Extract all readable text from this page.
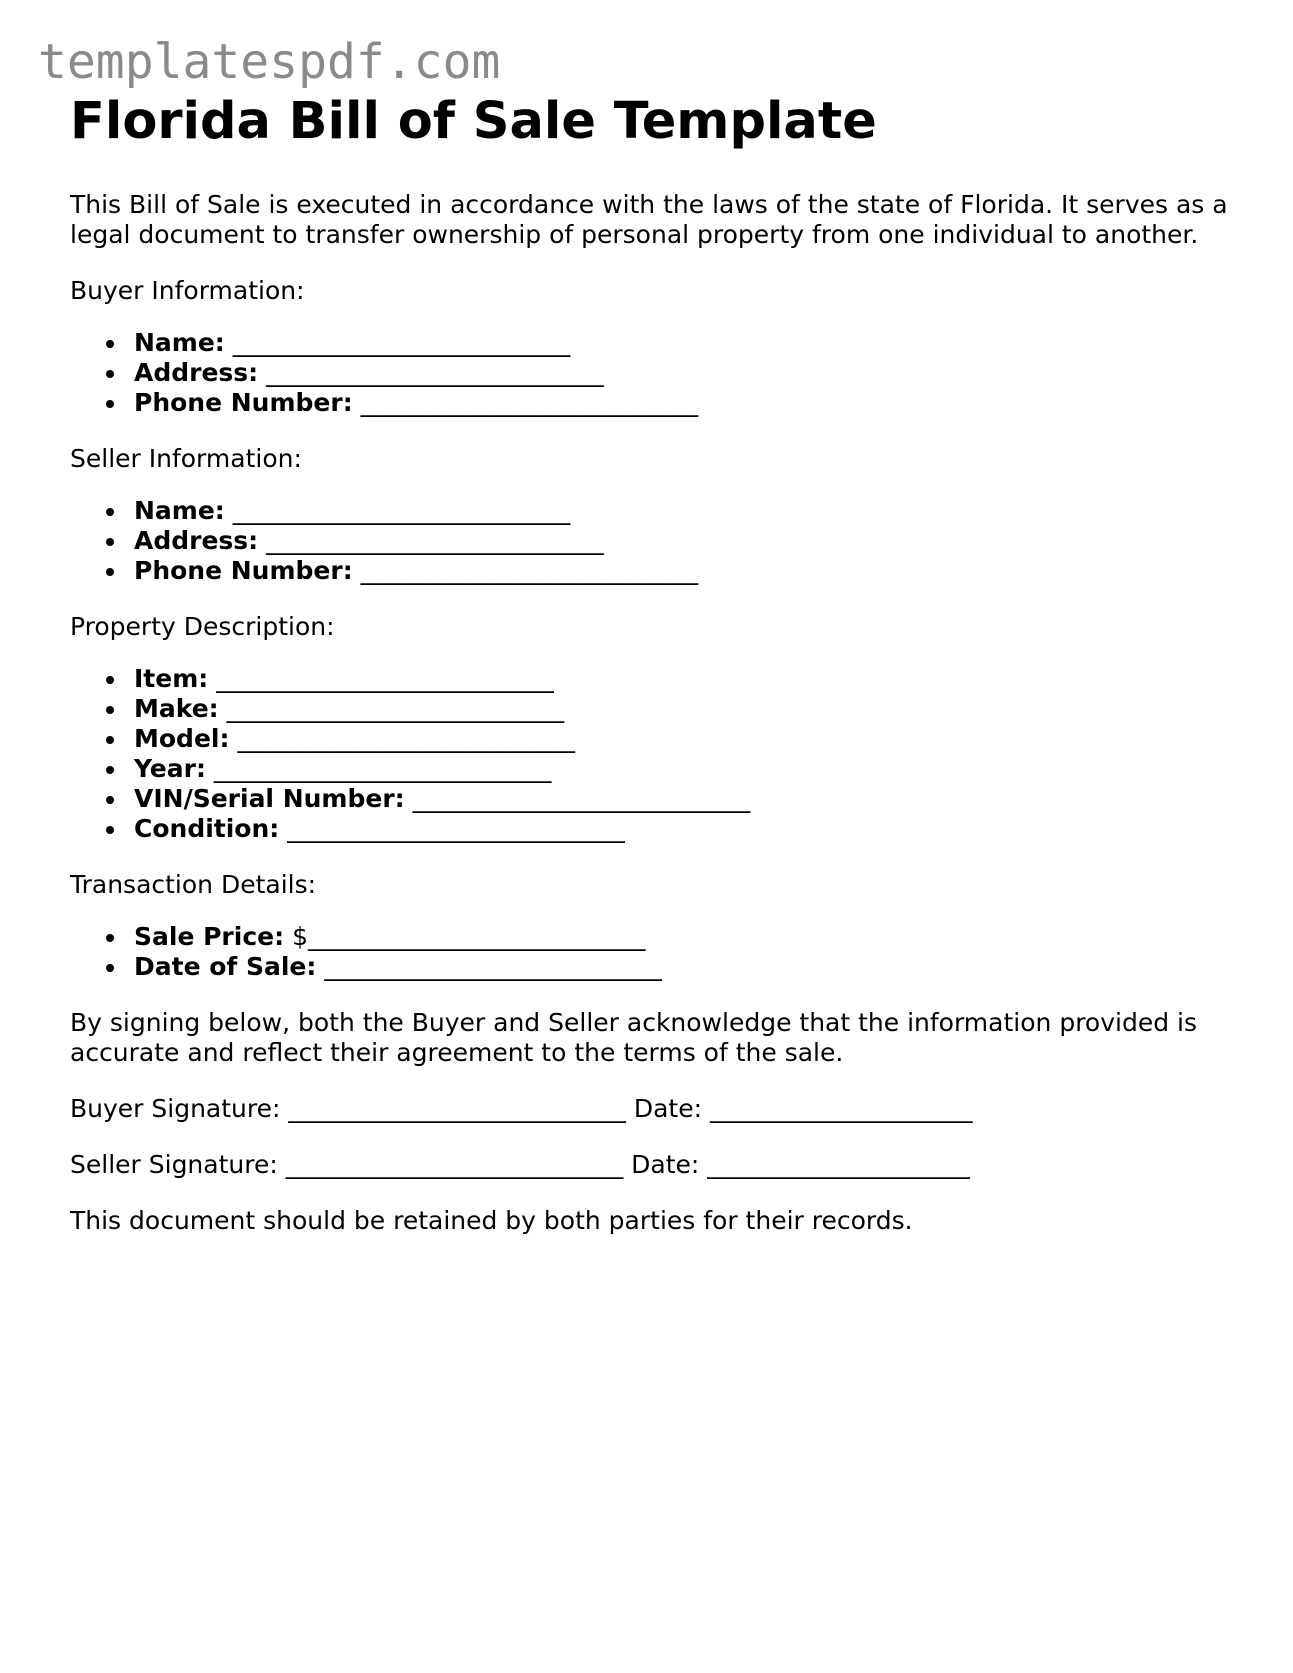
templatespdf.com
Florida Bill of Sale Template

This Bill of Sale is executed in accordance with the laws of the state of Florida. It serves as a legal document to transfer ownership of personal property from one individual to another.

Buyer Information:

Name: ___________________________
Address: ___________________________
Phone Number: ___________________________

Seller Information:

Name: ___________________________
Address: ___________________________
Phone Number: ___________________________

Property Description:

Item: ___________________________
Make: ___________________________
Model: ___________________________
Year: ___________________________
VIN/Serial Number: ___________________________
Condition: ___________________________

Transaction Details:

Sale Price: $___________________________
Date of Sale: ___________________________

By signing below, both the Buyer and Seller acknowledge that the information provided is accurate and reflect their agreement to the terms of the sale.

Buyer Signature: ___________________________ Date: _____________________
Seller Signature: ___________________________ Date: _____________________

This document should be retained by both parties for their records.
